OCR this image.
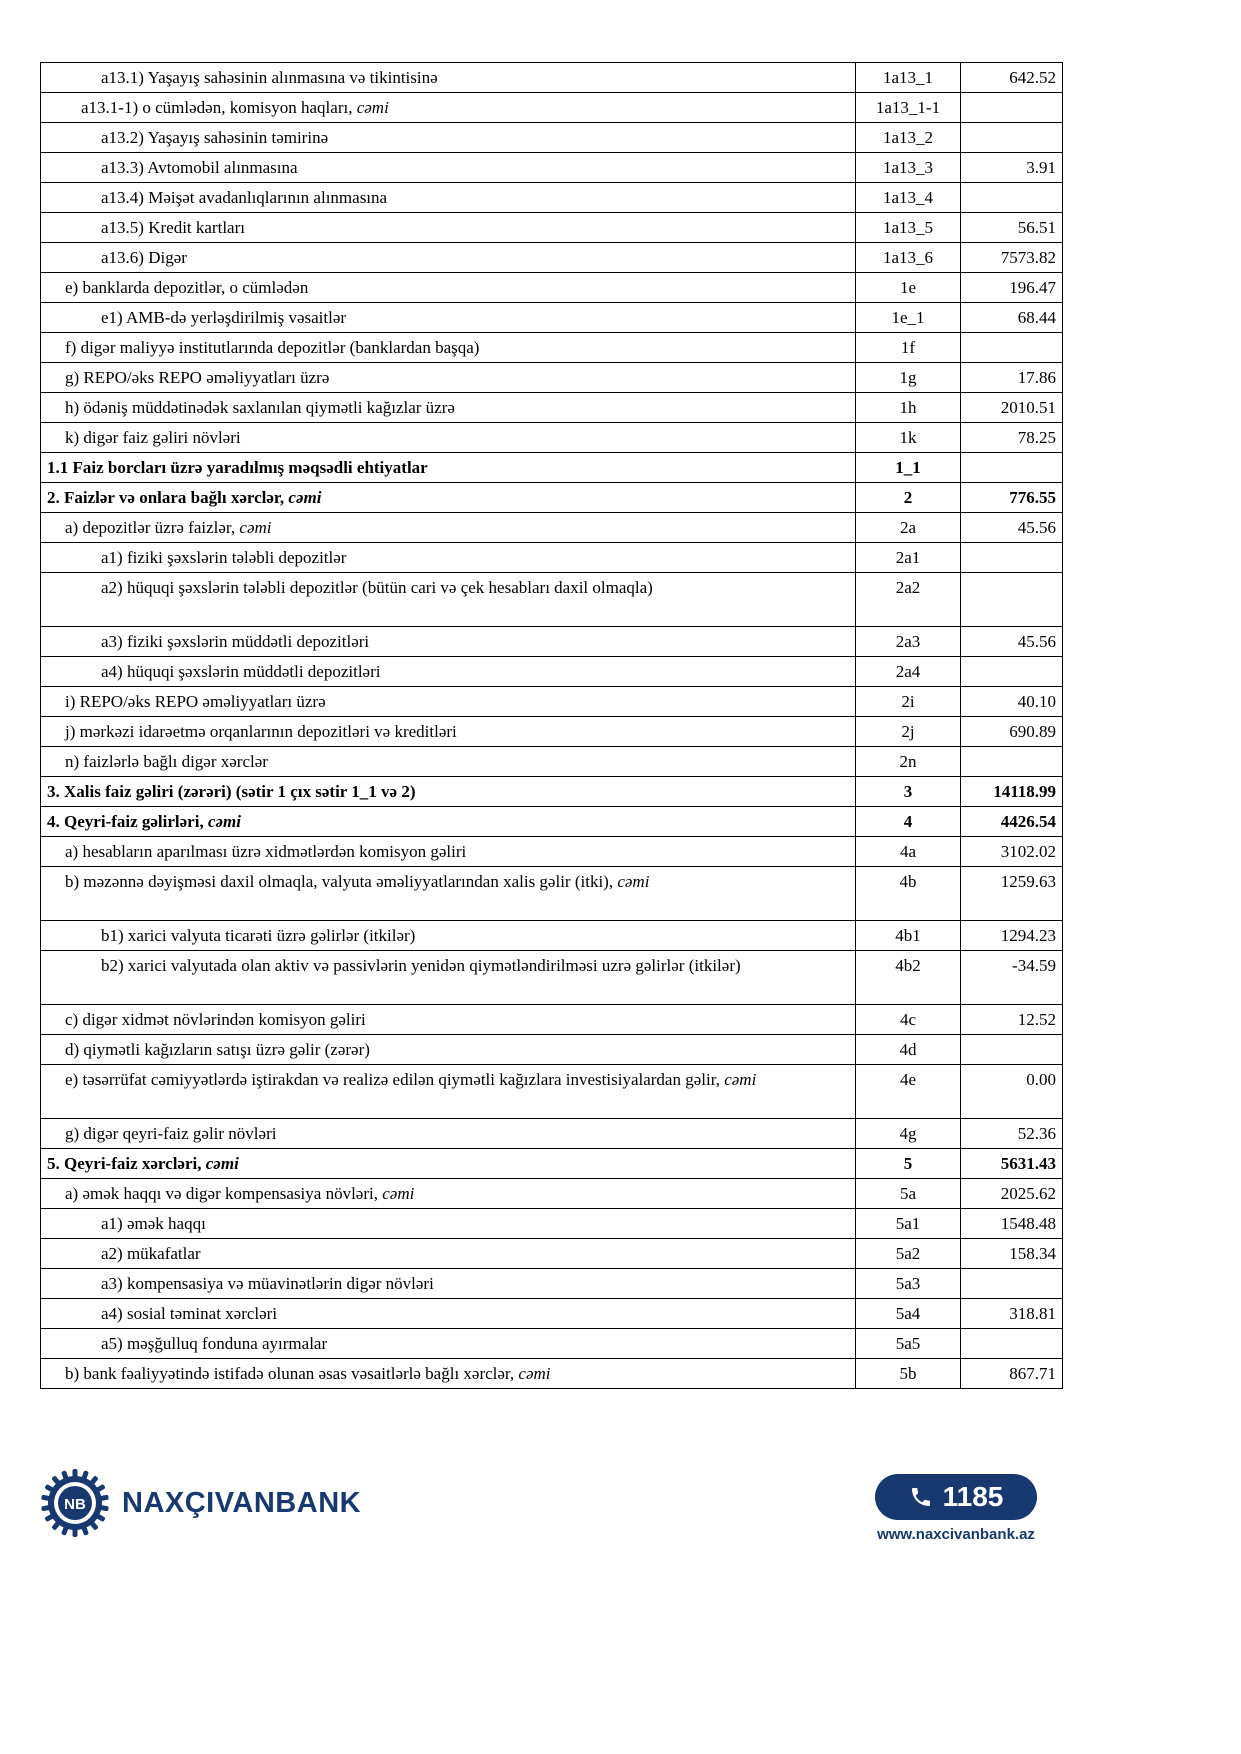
a13.1) Yaşayış sahəsinin alınmasına və tikintisinə	1a13_1	642.52
a13.1-1) o cümlədən, komisyon haqları, cəmi	1a13_1-1	
a13.2) Yaşayış sahəsinin təmirinə	1a13_2	
a13.3) Avtomobil alınmasına	1a13_3	3.91
a13.4) Məişət avadanlıqlarının alınmasına	1a13_4	
a13.5) Kredit kartları	1a13_5	56.51
a13.6) Digər	1a13_6	7573.82
e) banklarda depozitlər, o cümlədən	1e	196.47
e1) AMB-də yerləşdirilmiş vəsaitlər	1e_1	68.44
f) digər maliyyə institutlarında depozitlər (banklardan başqa)	1f	
g) REPO/əks REPO əməliyyatları üzrə	1g	17.86
h) ödəniş müddətinədək saxlanılan qiymətli kağızlar üzrə	1h	2010.51
k) digər faiz gəliri növləri	1k	78.25
1.1 Faiz borcları üzrə yaradılmış məqsədli ehtiyatlar	1_1	
2. Faizlər və onlara bağlı xərclər, cəmi	2	776.55
a) depozitlər üzrə faizlər, cəmi	2a	45.56
a1) fiziki şəxslərin tələbli depozitlər	2a1	
a2) hüquqi şəxslərin tələbli depozitlər (bütün cari və çek hesabları daxil olmaqla)	2a2	
a3) fiziki şəxslərin müddətli depozitləri	2a3	45.56
a4) hüquqi şəxslərin müddətli depozitləri	2a4	
i) REPO/əks REPO əməliyyatları üzrə	2i	40.10
j) mərkəzi idarəetmə orqanlarının depozitləri və kreditləri	2j	690.89
n) faizlərlə bağlı digər xərclər	2n	
3. Xalis faiz gəliri (zərəri) (sətir 1 çıx sətir 1_1 və 2)	3	14118.99
4. Qeyri-faiz gəlirləri, cəmi	4	4426.54
a) hesabların aparılması üzrə xidmətlərdən komisyon gəliri	4a	3102.02
b) məzənnə dəyişməsi daxil olmaqla, valyuta əməliyyatlarından xalis gəlir (itki), cəmi	4b	1259.63
b1) xarici valyuta ticarəti üzrə gəlirlər (itkilər)	4b1	1294.23
b2) xarici valyutada olan aktiv və passivlərin yenidən qiymətləndirilməsi uzrə gəlirlər (itkilər)	4b2	-34.59
c) digər xidmət növlərindən komisyon gəliri	4c	12.52
d) qiymətli kağızların satışı üzrə gəlir (zərər)	4d	
e) təsərrüfat cəmiyyətlərdə iştirakdan və realizə edilən qiymətli kağızlara investisiyalardan gəlir, cəmi	4e	0.00
g) digər qeyri-faiz gəlir növləri	4g	52.36
5. Qeyri-faiz xərcləri, cəmi	5	5631.43
a) əmək haqqı və digər kompensasiya növləri, cəmi	5a	2025.62
a1) əmək haqqı	5a1	1548.48
a2) mükafatlar	5a2	158.34
a3) kompensasiya və müavinətlərin digər növləri	5a3	
a4) sosial təminat xərcləri	5a4	318.81
a5) məşğulluq fonduna ayırmalar	5a5	
b) bank fəaliyyətində istifadə olunan əsas vəsaitlərlə bağlı xərclər, cəmi	5b	867.71
NB NAXÇIVANBANK	1185
www.naxcivanbank.az
